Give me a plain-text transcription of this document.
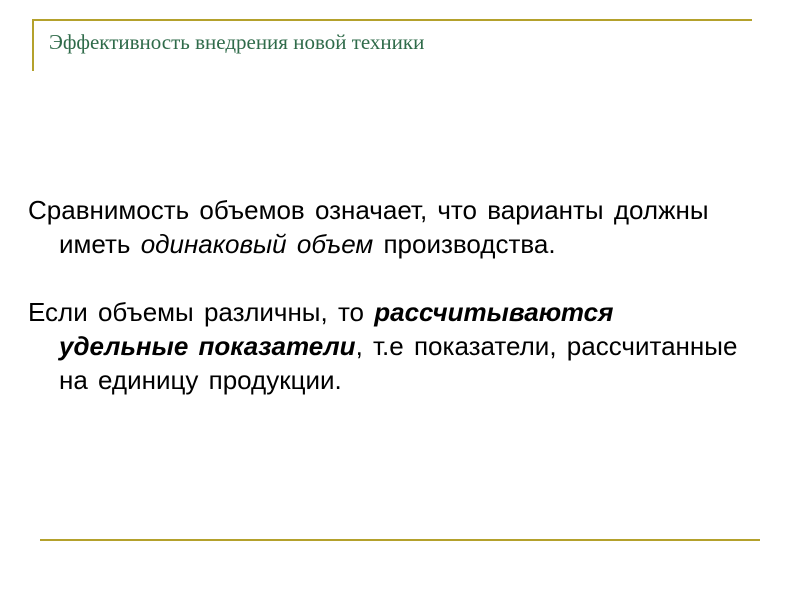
Эффективность внедрения новой техники

Сравнимость объемов означает, что варианты должны иметь одинаковый объем производства.

Если объемы различны, то рассчитываются удельные показатели, т.е показатели, рассчитанные на единицу продукции.
